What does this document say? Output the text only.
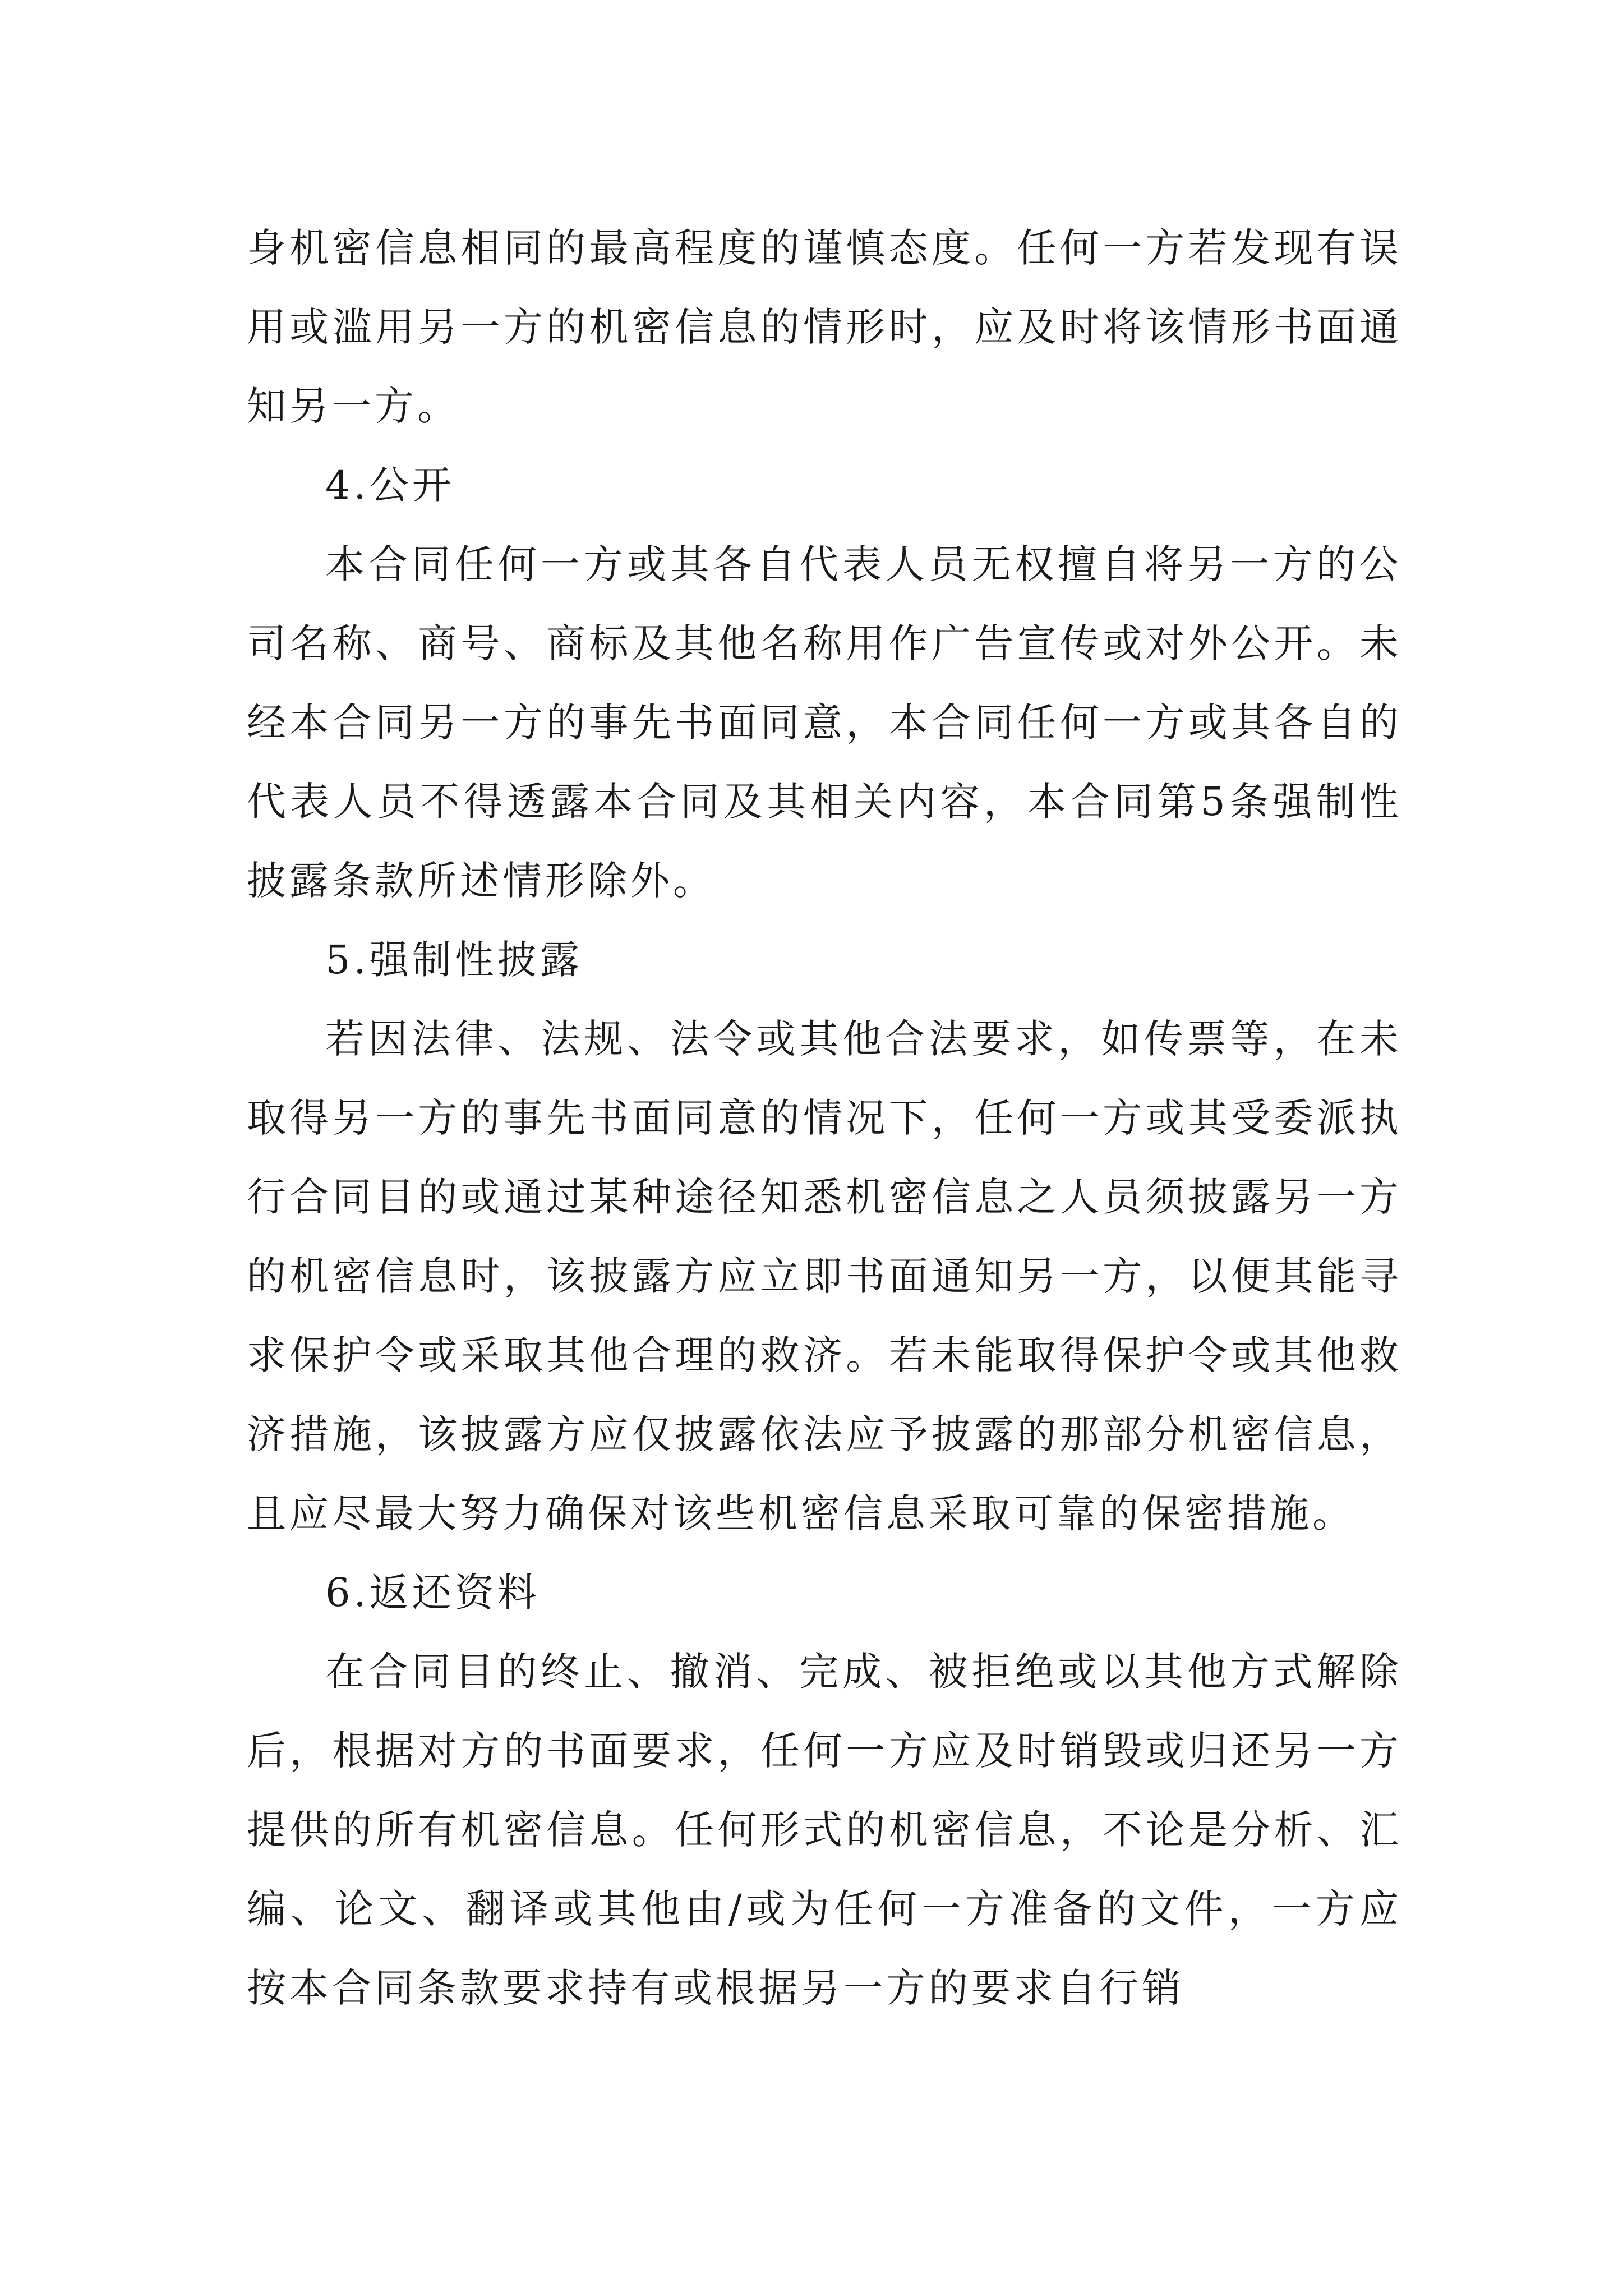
身机密信息相同的最高程度的谨慎态度。任何一方若发现有误用或滥用另一方的机密信息的情形时，应及时将该情形书面通知另一方。

4.公开

本合同任何一方或其各自代表人员无权擅自将另一方的公司名称、商号、商标及其他名称用作广告宣传或对外公开。未经本合同另一方的事先书面同意，本合同任何一方或其各自的代表人员不得透露本合同及其相关内容，本合同第5条强制性披露条款所述情形除外。

5.强制性披露

若因法律、法规、法令或其他合法要求，如传票等，在未取得另一方的事先书面同意的情况下，任何一方或其受委派执行合同目的或通过某种途径知悉机密信息之人员须披露另一方的机密信息时，该披露方应立即书面通知另一方，以便其能寻求保护令或采取其他合理的救济。若未能取得保护令或其他救济措施，该披露方应仅披露依法应予披露的那部分机密信息，且应尽最大努力确保对该些机密信息采取可靠的保密措施。

6.返还资料

在合同目的终止、撤消、完成、被拒绝或以其他方式解除后，根据对方的书面要求，任何一方应及时销毁或归还另一方提供的所有机密信息。任何形式的机密信息，不论是分析、汇编、论文、翻译或其他由/或为任何一方准备的文件，一方应按本合同条款要求持有或根据另一方的要求自行销
